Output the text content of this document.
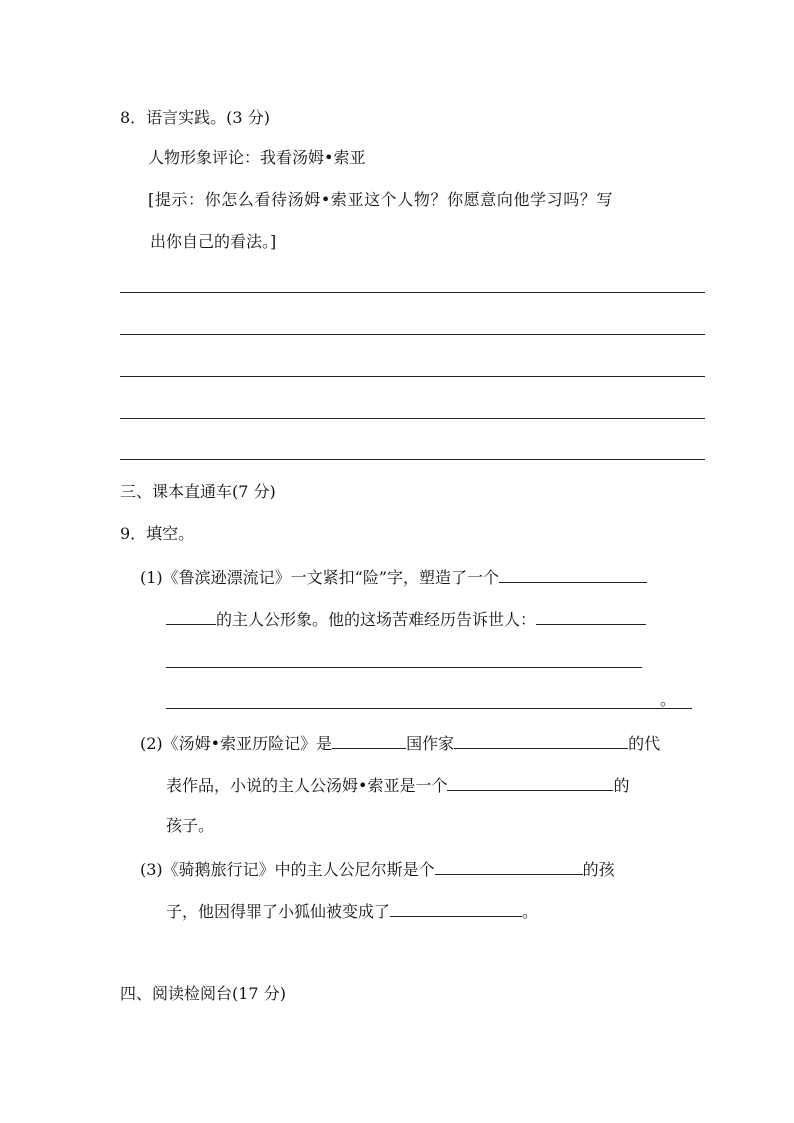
8．语言实践。(3 分)
人物形象评论：我看汤姆•索亚
[提示：你怎么看待汤姆•索亚这个人物？你愿意向他学习吗？写
出你自己的看法。]
三、课本直通车(7 分)
9．填空。
(1)《鲁滨逊漂流记》一文紧扣“险”字，塑造了一个
的主人公形象。他的这场苦难经历告诉世人：
。
(2)《汤姆•索亚历险记》是	国作家	的代
表作品，小说的主人公汤姆•索亚是一个	的
孩子。
(3)《骑鹅旅行记》中的主人公尼尔斯是个	的孩
子，他因得罪了小狐仙被变成了	。
四、阅读检阅台(17 分)
